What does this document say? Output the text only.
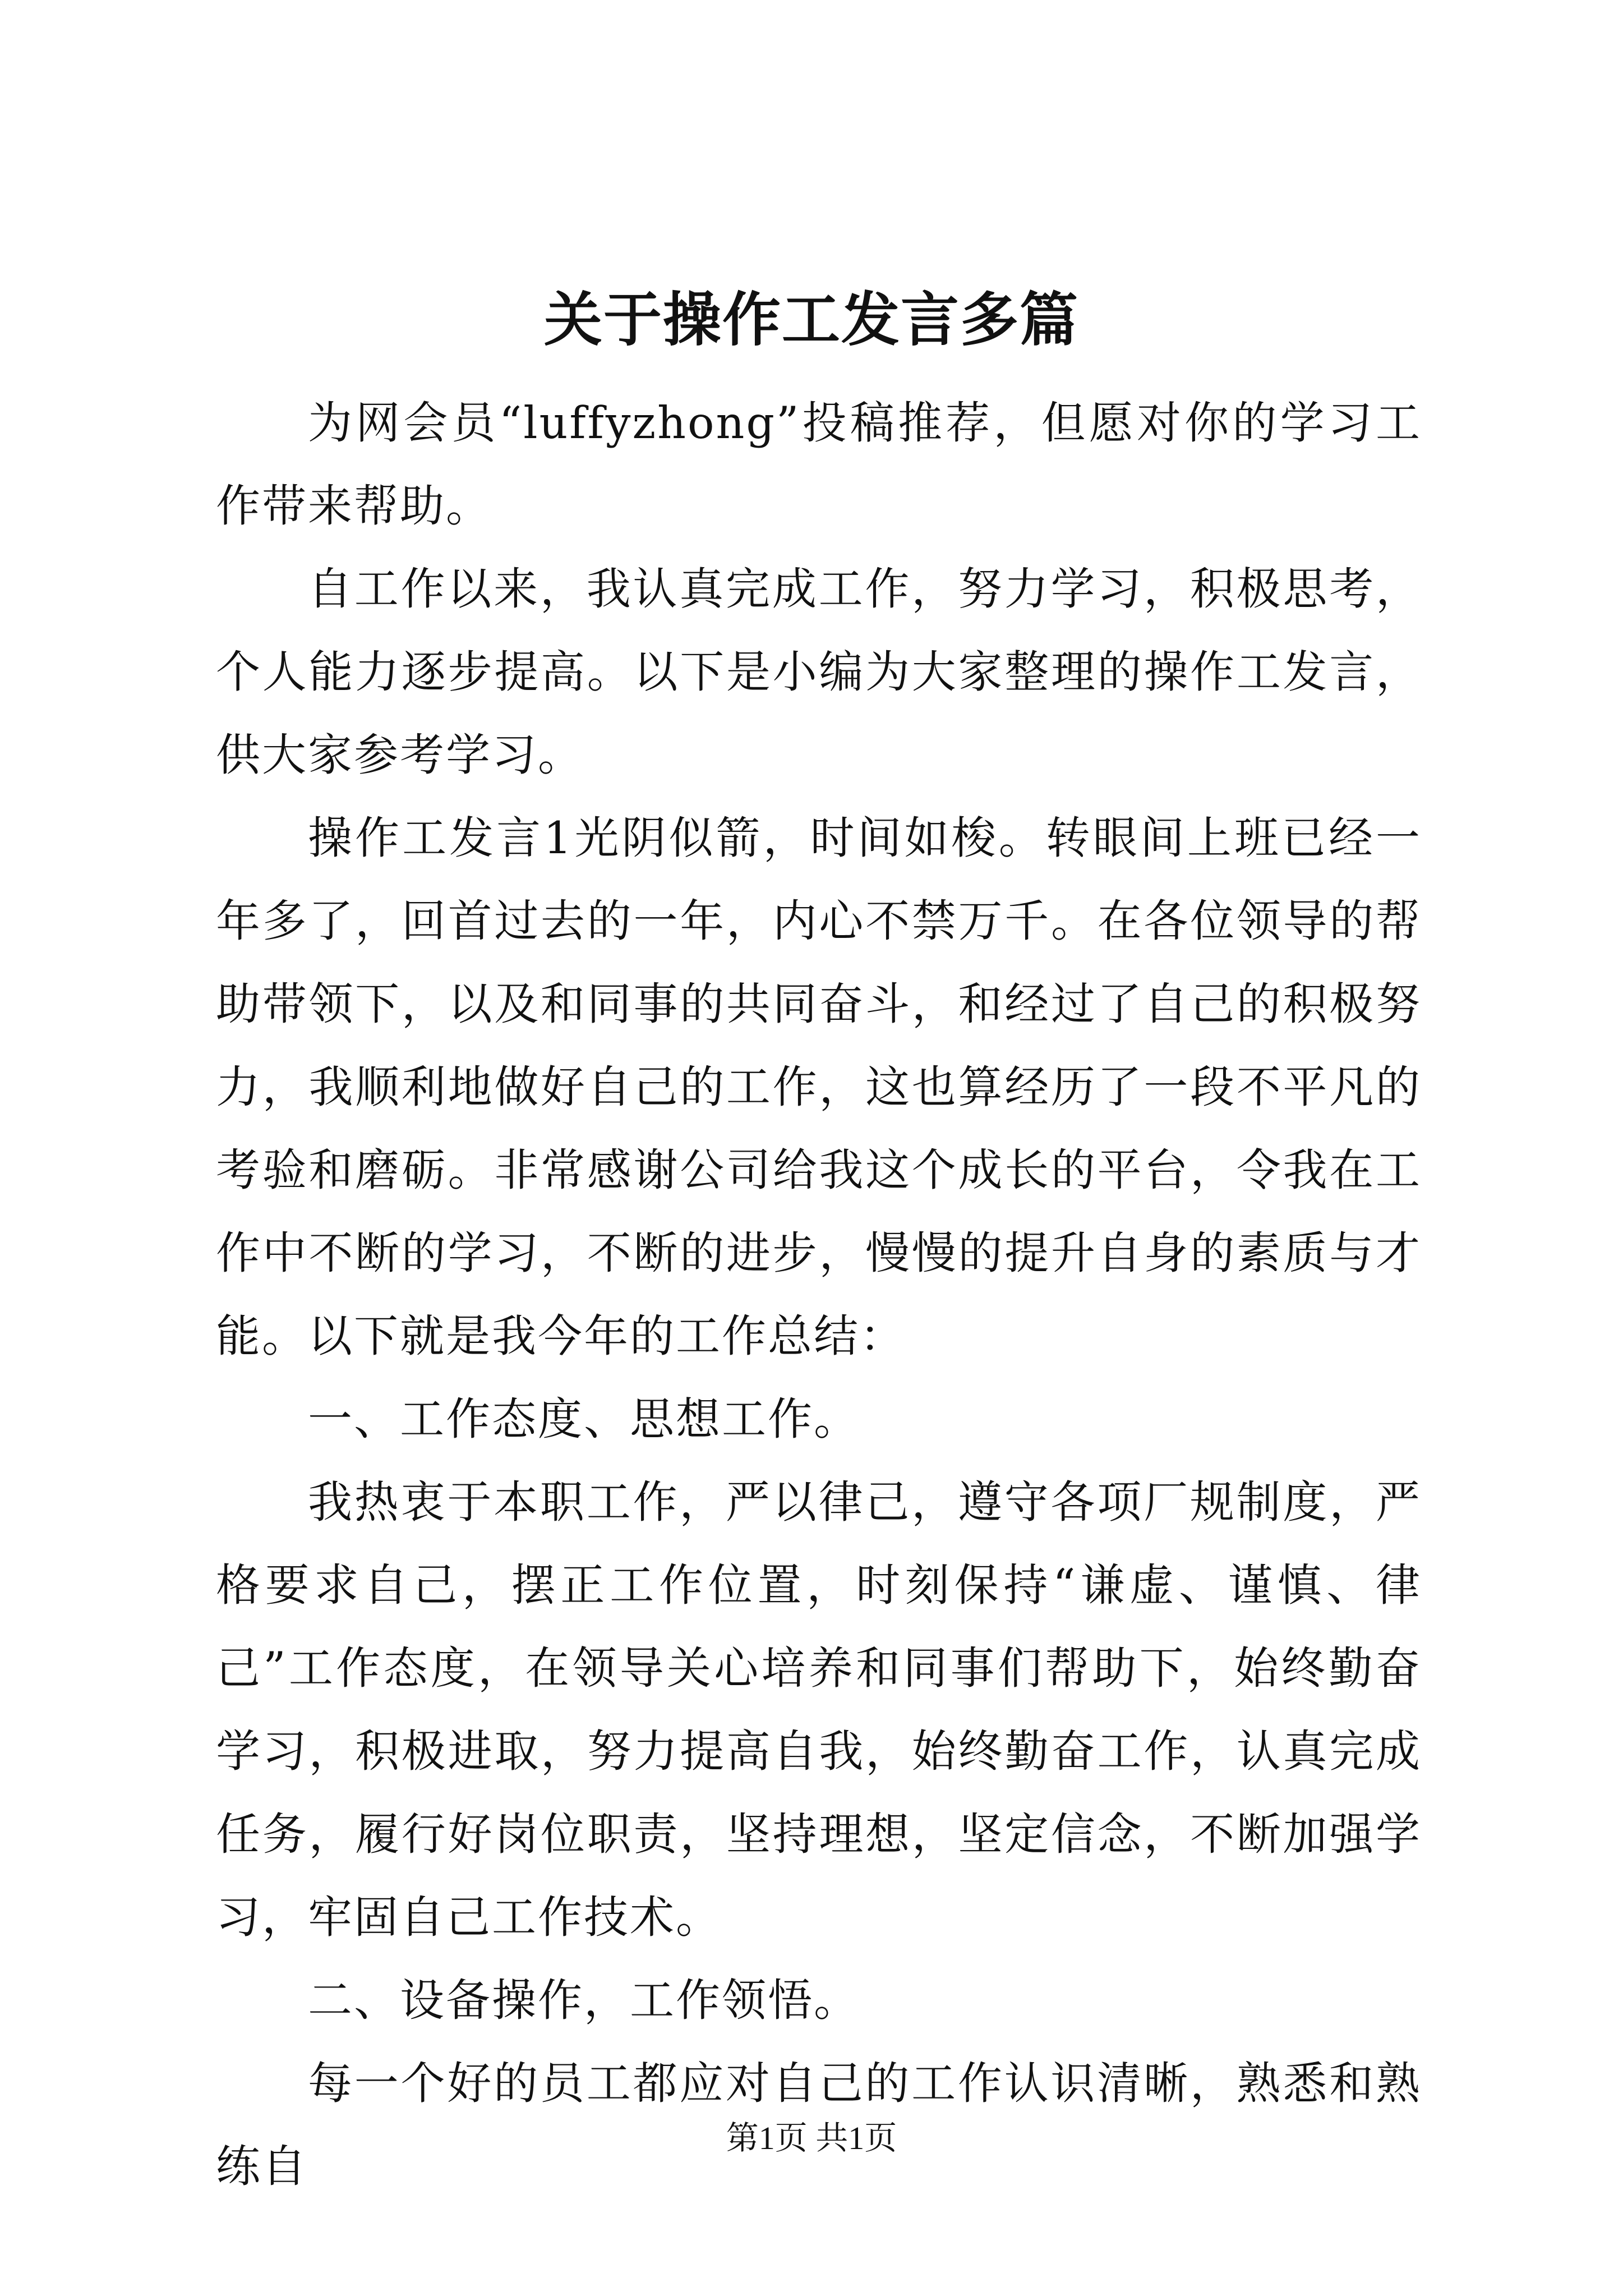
关于操作工发言多篇

为网会员“luffyzhong”投稿推荐，但愿对你的学习工作带来帮助。

自工作以来，我认真完成工作，努力学习，积极思考，个人能力逐步提高。以下是小编为大家整理的操作工发言，供大家参考学习。

操作工发言1光阴似箭，时间如梭。转眼间上班已经一年多了，回首过去的一年，内心不禁万千。在各位领导的帮助带领下，以及和同事的共同奋斗，和经过了自己的积极努力，我顺利地做好自己的工作，这也算经历了一段不平凡的考验和磨砺。非常感谢公司给我这个成长的平台，令我在工作中不断的学习，不断的进步，慢慢的提升自身的素质与才能。以下就是我今年的工作总结：

一、工作态度、思想工作。

我热衷于本职工作，严以律己，遵守各项厂规制度，严格要求自己，摆正工作位置，时刻保持“谦虚、谨慎、律己”工作态度，在领导关心培养和同事们帮助下，始终勤奋学习，积极进取，努力提高自我，始终勤奋工作，认真完成任务，履行好岗位职责，坚持理想，坚定信念，不断加强学习，牢固自己工作技术。

二、设备操作，工作领悟。

每一个好的员工都应对自己的工作认识清晰，熟悉和熟练自

第1页 共1页
